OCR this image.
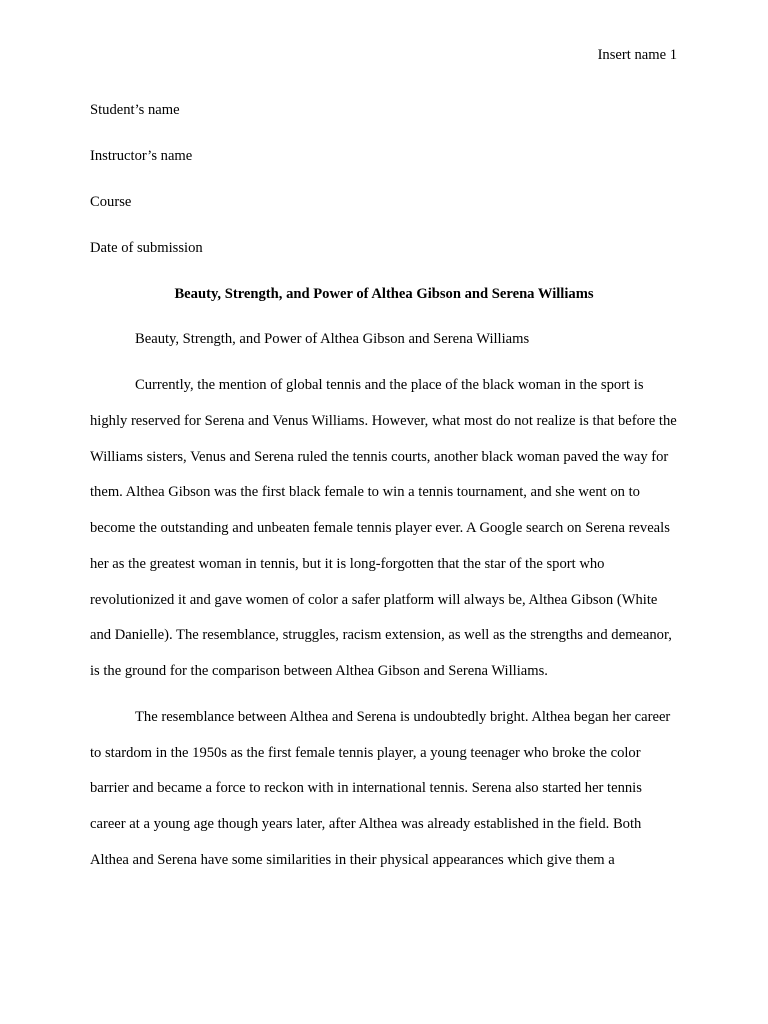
Insert name 1
Student’s name
Instructor’s name
Course
Date of submission
Beauty, Strength, and Power of Althea Gibson and Serena Williams

Beauty, Strength, and Power of Althea Gibson and Serena Williams

Currently, the mention of global tennis and the place of the black woman in the sport is highly reserved for Serena and Venus Williams. However, what most do not realize is that before the Williams sisters, Venus and Serena ruled the tennis courts, another black woman paved the way for them. Althea Gibson was the first black female to win a tennis tournament, and she went on to become the outstanding and unbeaten female tennis player ever. A Google search on Serena reveals her as the greatest woman in tennis, but it is long-forgotten that the star of the sport who revolutionized it and gave women of color a safer platform will always be, Althea Gibson (White and Danielle). The resemblance, struggles, racism extension, as well as the strengths and demeanor, is the ground for the comparison between Althea Gibson and Serena Williams.

The resemblance between Althea and Serena is undoubtedly bright. Althea began her career to stardom in the 1950s as the first female tennis player, a young teenager who broke the color barrier and became a force to reckon with in international tennis. Serena also started her tennis career at a young age though years later, after Althea was already established in the field. Both Althea and Serena have some similarities in their physical appearances which give them a
